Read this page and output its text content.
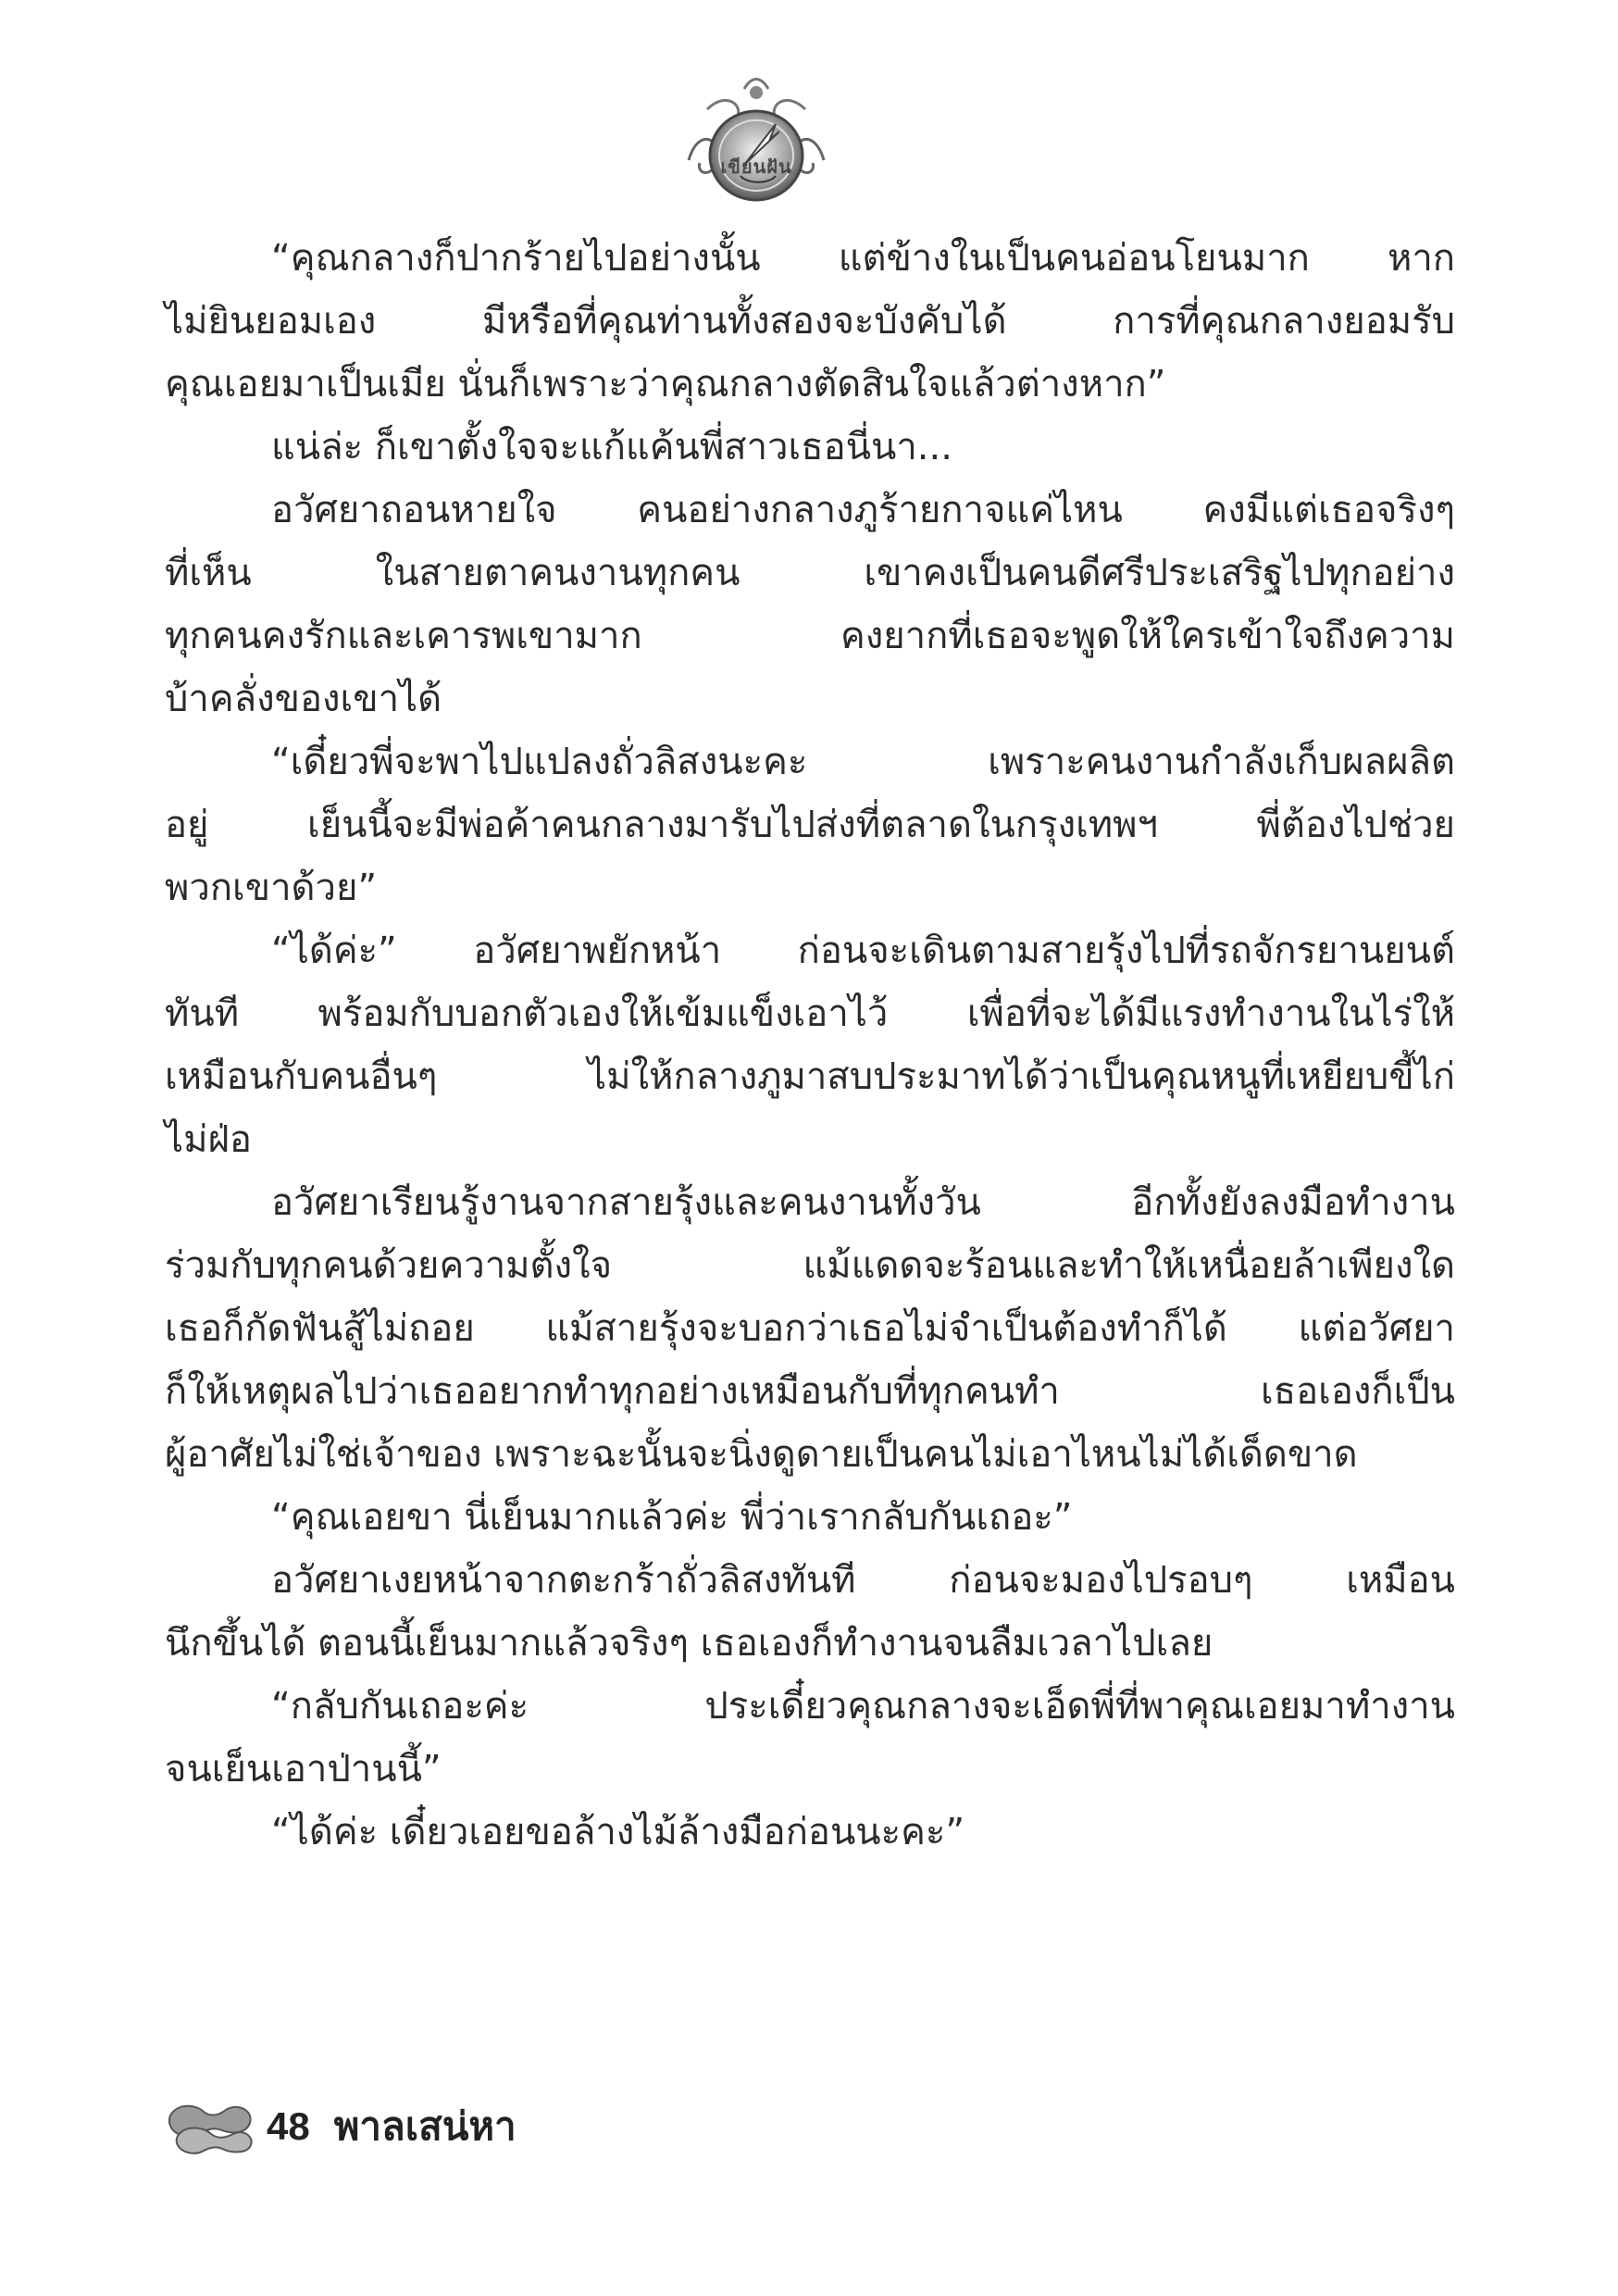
เขียนฝัน
“คุณกลางก็ปากร้ายไปอย่างนั้น แต่ข้างในเป็นคนอ่อนโยนมาก หาก
ไม่ยินยอมเอง มีหรือที่คุณท่านทั้งสองจะบังคับได้ การที่คุณกลางยอมรับ
คุณเอยมาเป็นเมีย นั่นก็เพราะว่าคุณกลางตัดสินใจแล้วต่างหาก”
แน่ล่ะ ก็เขาตั้งใจจะแก้แค้นพี่สาวเธอนี่นา...
อวัศยาถอนหายใจ คนอย่างกลางภูร้ายกาจแค่ไหน คงมีแต่เธอจริงๆ
ที่เห็น ในสายตาคนงานทุกคน เขาคงเป็นคนดีศรีประเสริฐไปทุกอย่าง
ทุกคนคงรักและเคารพเขามาก คงยากที่เธอจะพูดให้ใครเข้าใจถึงความ
บ้าคลั่งของเขาได้
“เดี๋ยวพี่จะพาไปแปลงถั่วลิสงนะคะ เพราะคนงานกำลังเก็บผลผลิต
อยู่ เย็นนี้จะมีพ่อค้าคนกลางมารับไปส่งที่ตลาดในกรุงเทพฯ พี่ต้องไปช่วย
พวกเขาด้วย”
“ได้ค่ะ” อวัศยาพยักหน้า ก่อนจะเดินตามสายรุ้งไปที่รถจักรยานยนต์
ทันที พร้อมกับบอกตัวเองให้เข้มแข็งเอาไว้ เพื่อที่จะได้มีแรงทำงานในไร่ให้
เหมือนกับคนอื่นๆ ไม่ให้กลางภูมาสบประมาทได้ว่าเป็นคุณหนูที่เหยียบขี้ไก่
ไม่ฝ่อ
อวัศยาเรียนรู้งานจากสายรุ้งและคนงานทั้งวัน อีกทั้งยังลงมือทำงาน
ร่วมกับทุกคนด้วยความตั้งใจ แม้แดดจะร้อนและทำให้เหนื่อยล้าเพียงใด
เธอก็กัดฟันสู้ไม่ถอย แม้สายรุ้งจะบอกว่าเธอไม่จำเป็นต้องทำก็ได้ แต่อวัศยา
ก็ให้เหตุผลไปว่าเธออยากทำทุกอย่างเหมือนกับที่ทุกคนทำ เธอเองก็เป็น
ผู้อาศัยไม่ใช่เจ้าของ เพราะฉะนั้นจะนิ่งดูดายเป็นคนไม่เอาไหนไม่ได้เด็ดขาด
“คุณเอยขา นี่เย็นมากแล้วค่ะ พี่ว่าเรากลับกันเถอะ”
อวัศยาเงยหน้าจากตะกร้าถั่วลิสงทันที ก่อนจะมองไปรอบๆ เหมือน
นึกขึ้นได้ ตอนนี้เย็นมากแล้วจริงๆ เธอเองก็ทำงานจนลืมเวลาไปเลย
“กลับกันเถอะค่ะ ประเดี๋ยวคุณกลางจะเอ็ดพี่ที่พาคุณเอยมาทำงาน
จนเย็นเอาป่านนี้”
“ได้ค่ะ เดี๋ยวเอยขอล้างไม้ล้างมือก่อนนะคะ”
48 พาลเสน่หา
